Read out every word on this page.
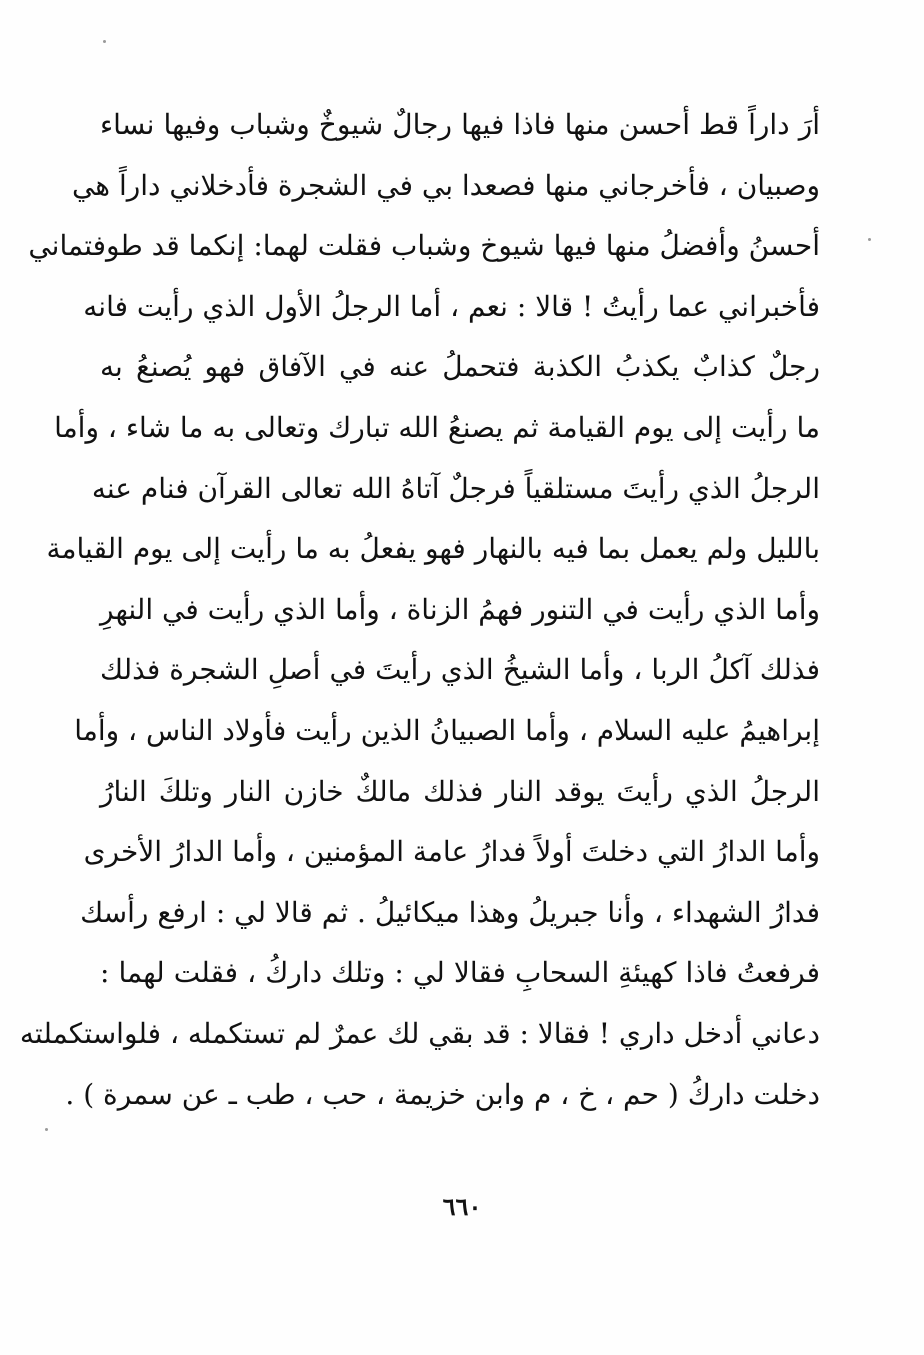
أرَ داراً قط أحسن منها فاذا فيها رجالٌ شيوخٌ وشباب وفيها نساء
وصبيان ، فأخرجاني منها فصعدا بي في الشجرة فأدخلاني داراً هي
أحسنُ وأفضلُ منها فيها شيوخ وشباب فقلت لهما: إنكما قد طوفتماني
فأخبراني عما رأيتُ ! قالا : نعم ، أما الرجلُ الأول الذي رأيت فانه
رجلٌ كذابٌ يكذبُ الكذبة فتحملُ عنه في الآفاق فهو يُصنعُ به
ما رأيت إلى يوم القيامة ثم يصنعُ الله تبارك وتعالى به ما شاء ، وأما
الرجلُ الذي رأيتَ مستلقياً فرجلٌ آتاهُ الله تعالى القرآن فنام عنه
بالليل ولم يعمل بما فيه بالنهار فهو يفعلُ به ما رأيت إلى يوم القيامة
وأما الذي رأيت في التنور فهمُ الزناة ، وأما الذي رأيت في النهرِ
فذلك آكلُ الربا ، وأما الشيخُ الذي رأيتَ في أصلِ الشجرة فذلك
إبراهيمُ عليه السلام ، وأما الصبيانُ الذين رأيت فأولاد الناس ، وأما
الرجلُ الذي رأيتَ يوقد النار فذلك مالكٌ خازن النار وتلكَ النارُ
وأما الدارُ التي دخلتَ أولاً فدارُ عامة المؤمنين ، وأما الدارُ الأخرى
فدارُ الشهداء ، وأنا جبريلُ وهذا ميكائيلُ . ثم قالا لي : ارفع رأسك
فرفعتُ فاذا كهيئةِ السحابِ فقالا لي : وتلك داركُ ، فقلت لهما :
دعاني أدخل داري ! فقالا : قد بقي لك عمرٌ لم تستكمله ، فلواستكملته
دخلت داركُ ( حم ، خ ، م وابن خزيمة ، حب ، طب ـ عن سمرة ) .
٦٦٠
